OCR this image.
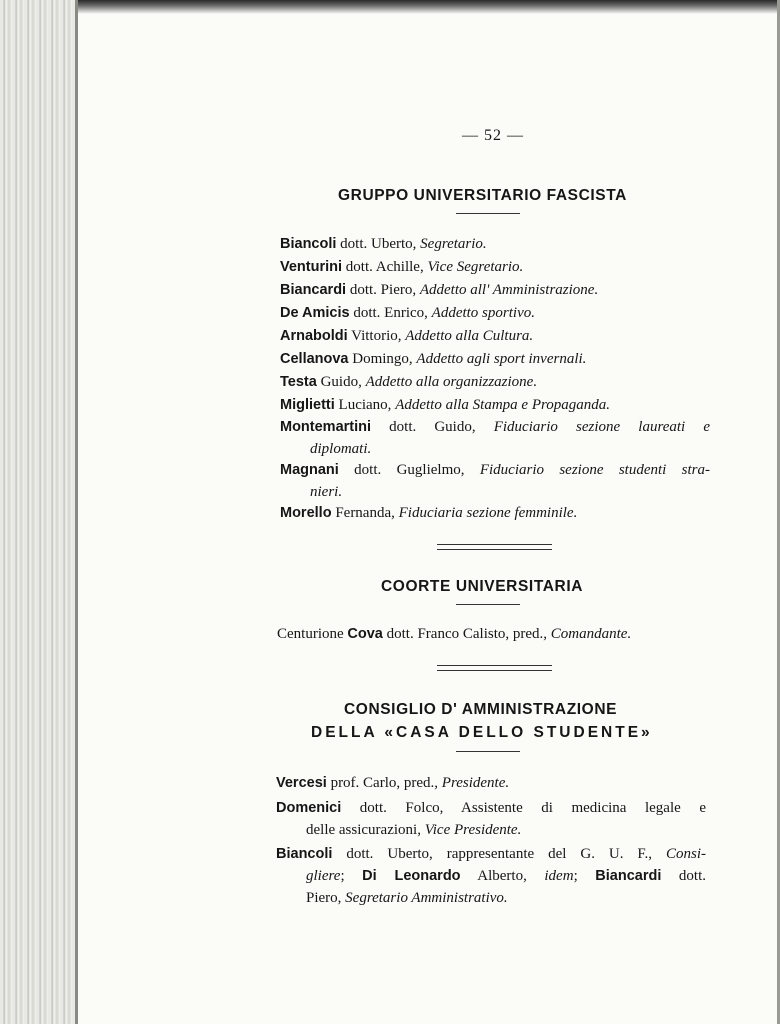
— 52 —
GRUPPO UNIVERSITARIO FASCISTA
Biancoli dott. Uberto, Segretario.
Venturini dott. Achille, Vice Segretario.
Biancardi dott. Piero, Addetto all' Amministrazione.
De Amicis dott. Enrico, Addetto sportivo.
Arnaboldi Vittorio, Addetto alla Cultura.
Cellanova Domingo, Addetto agli sport invernali.
Testa Guido, Addetto alla organizzazione.
Miglietti Luciano, Addetto alla Stampa e Propaganda.
Montemartini dott. Guido, Fiduciario sezione laureati e
diplomati.
Magnani dott. Guglielmo, Fiduciario sezione studenti stra-
nieri.
Morello Fernanda, Fiduciaria sezione femminile.
COORTE UNIVERSITARIA
Centurione Cova dott. Franco Calisto, pred., Comandante.
CONSIGLIO D' AMMINISTRAZIONE
DELLA «CASA DELLO STUDENTE»
Vercesi prof. Carlo, pred., Presidente.
Domenici dott. Folco, Assistente di medicina legale e
delle assicurazioni, Vice Presidente.
Biancoli dott. Uberto, rappresentante del G. U. F., Consi-
gliere; Di Leonardo Alberto, idem; Biancardi dott.
Piero, Segretario Amministrativo.
